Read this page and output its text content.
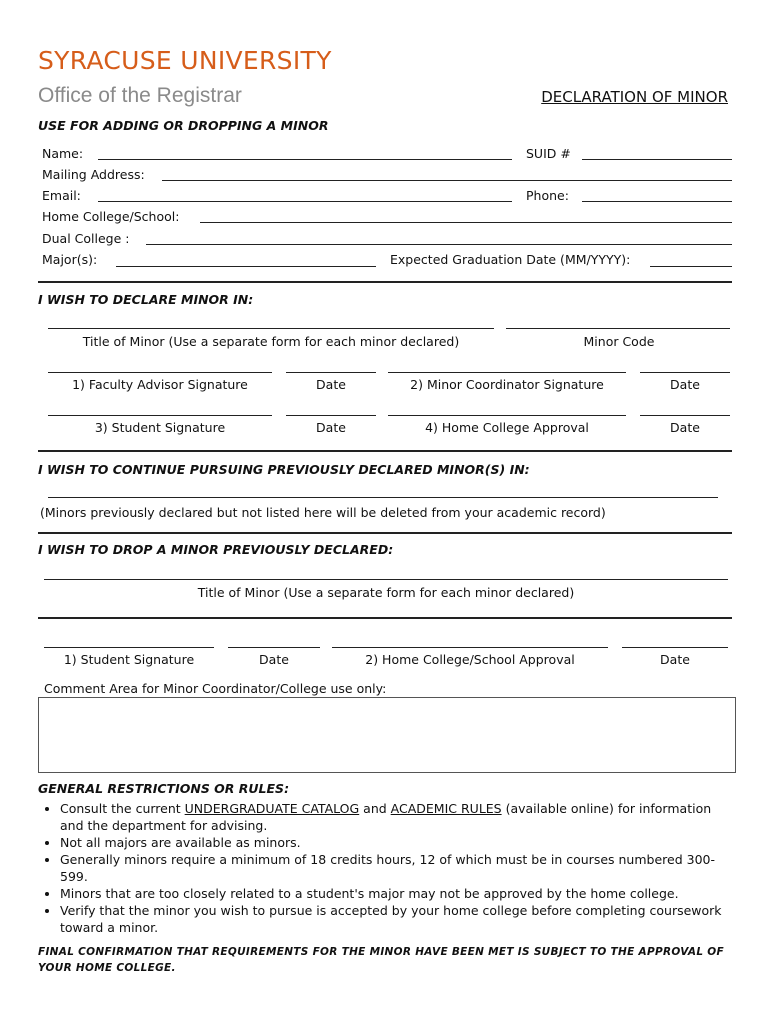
SYRACUSE UNIVERSITY
Office of the Registrar	DECLARATION OF MINOR
USE FOR ADDING OR DROPPING A MINOR
Name:	SUID #
Mailing Address:
Email:	Phone:
Home College/School:
Dual College :
Major(s):	Expected Graduation Date (MM/YYYY):
I WISH TO DECLARE MINOR IN:
Title of Minor (Use a separate form for each minor declared)	Minor Code
1) Faculty Advisor Signature	Date	2) Minor Coordinator Signature	Date
3) Student Signature	Date	4) Home College Approval	Date
I WISH TO CONTINUE PURSUING PREVIOUSLY DECLARED MINOR(S) IN:
(Minors previously declared but not listed here will be deleted from your academic record)
I WISH TO DROP A MINOR PREVIOUSLY DECLARED:
Title of Minor (Use a separate form for each minor declared)
1) Student Signature	Date	2) Home College/School Approval	Date
Comment Area for Minor Coordinator/College use only:
GENERAL RESTRICTIONS OR RULES:
• Consult the current UNDERGRADUATE CATALOG and ACADEMIC RULES (available online) for information and the department for advising.
• Not all majors are available as minors.
• Generally minors require a minimum of 18 credits hours, 12 of which must be in courses numbered 300-599.
• Minors that are too closely related to a student's major may not be approved by the home college.
• Verify that the minor you wish to pursue is accepted by your home college before completing coursework toward a minor.
FINAL CONFIRMATION THAT REQUIREMENTS FOR THE MINOR HAVE BEEN MET IS SUBJECT TO THE APPROVAL OF YOUR HOME COLLEGE.
